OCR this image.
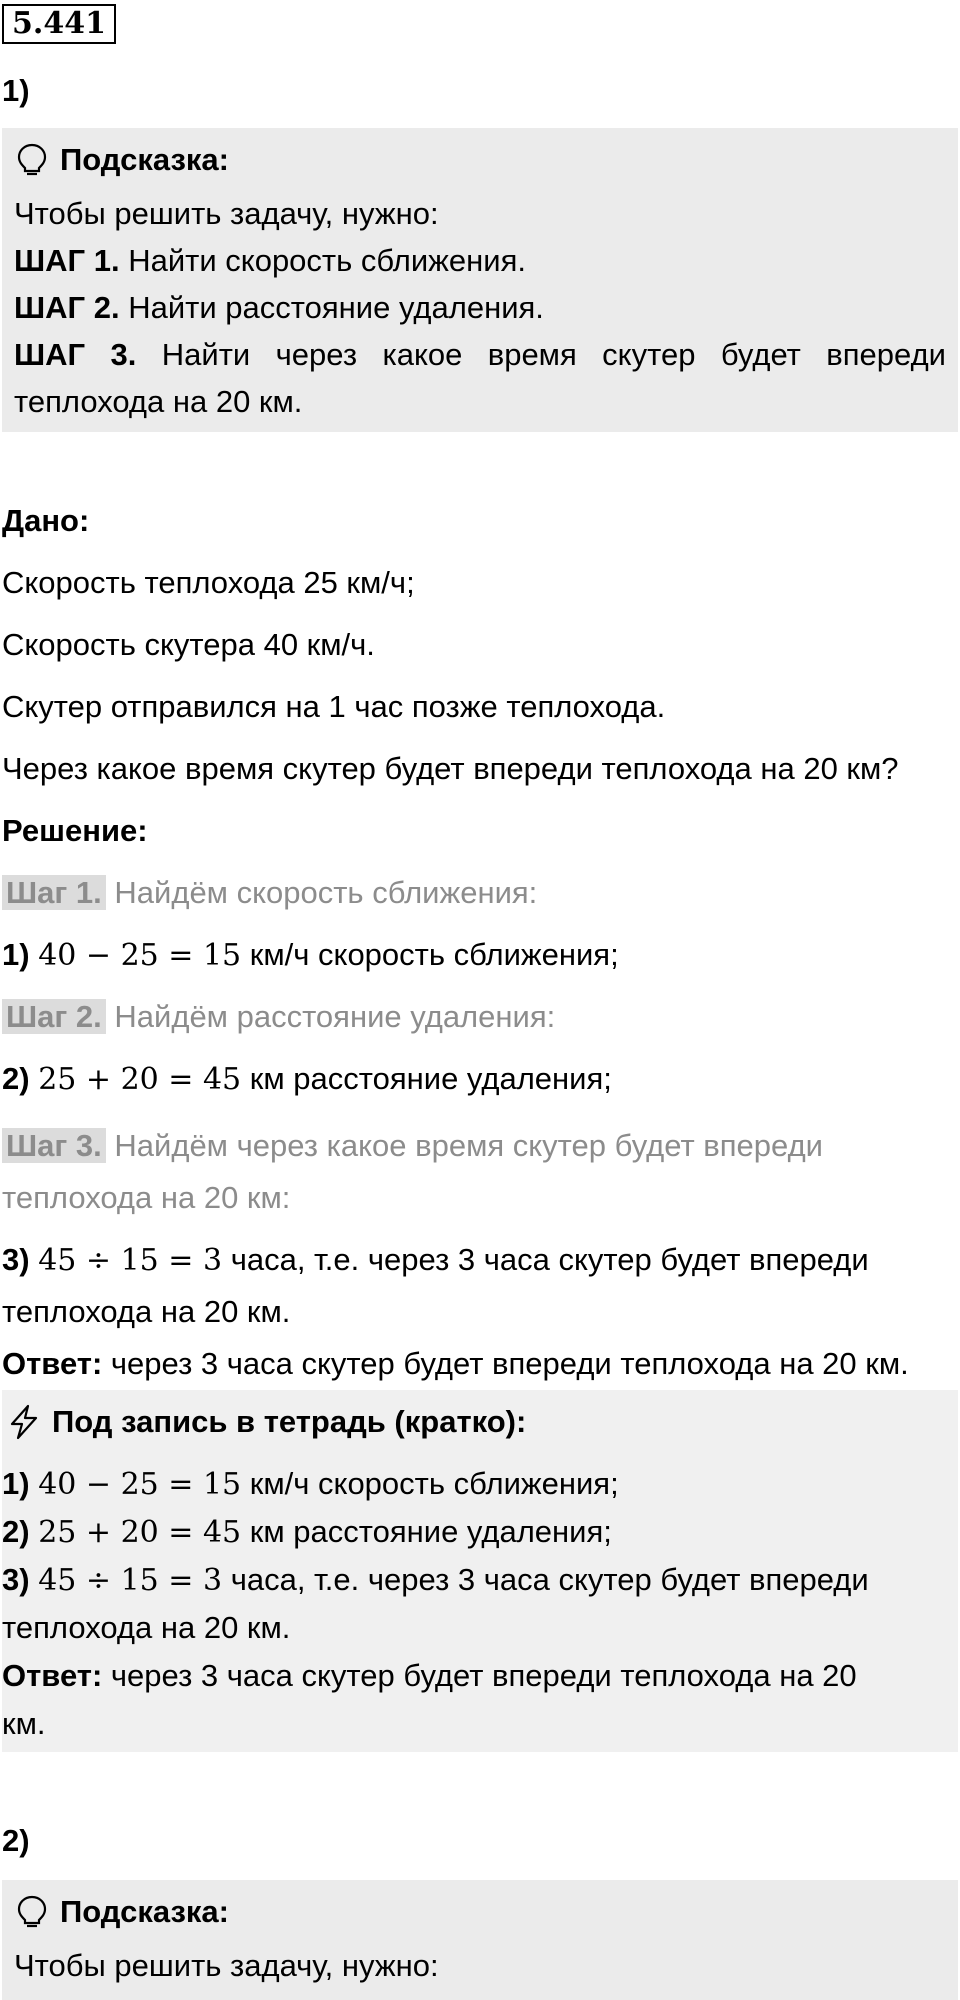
5.441
1)
Подсказка:
Чтобы решить задачу, нужно:
ШАГ 1. Найти скорость сближения.
ШАГ 2. Найти расстояние удаления.
ШАГ 3. Найти через какое время скутер будет впереди
теплохода на 20 км.
Дано:
Скорость теплохода 25 км/ч;
Скорость скутера 40 км/ч.
Скутер отправился на 1 час позже теплохода.
Через какое время скутер будет впереди теплохода на 20 км?
Решение:
Шаг 1. Найдём скорость сближения:
1) 40 − 25 = 15 км/ч скорость сближения;
Шаг 2. Найдём расстояние удаления:
2) 25 + 20 = 45 км расстояние удаления;
Шаг 3. Найдём через какое время скутер будет впереди
теплохода на 20 км:
3) 45 ÷ 15 = 3 часа, т.е. через 3 часа скутер будет впереди
теплохода на 20 км.
Ответ: через 3 часа скутер будет впереди теплохода на 20 км.
Под запись в тетрадь (кратко):
1) 40 − 25 = 15 км/ч скорость сближения;
2) 25 + 20 = 45 км расстояние удаления;
3) 45 ÷ 15 = 3 часа, т.е. через 3 часа скутер будет впереди
теплохода на 20 км.
Ответ: через 3 часа скутер будет впереди теплохода на 20
км.
2)
Подсказка:
Чтобы решить задачу, нужно:
